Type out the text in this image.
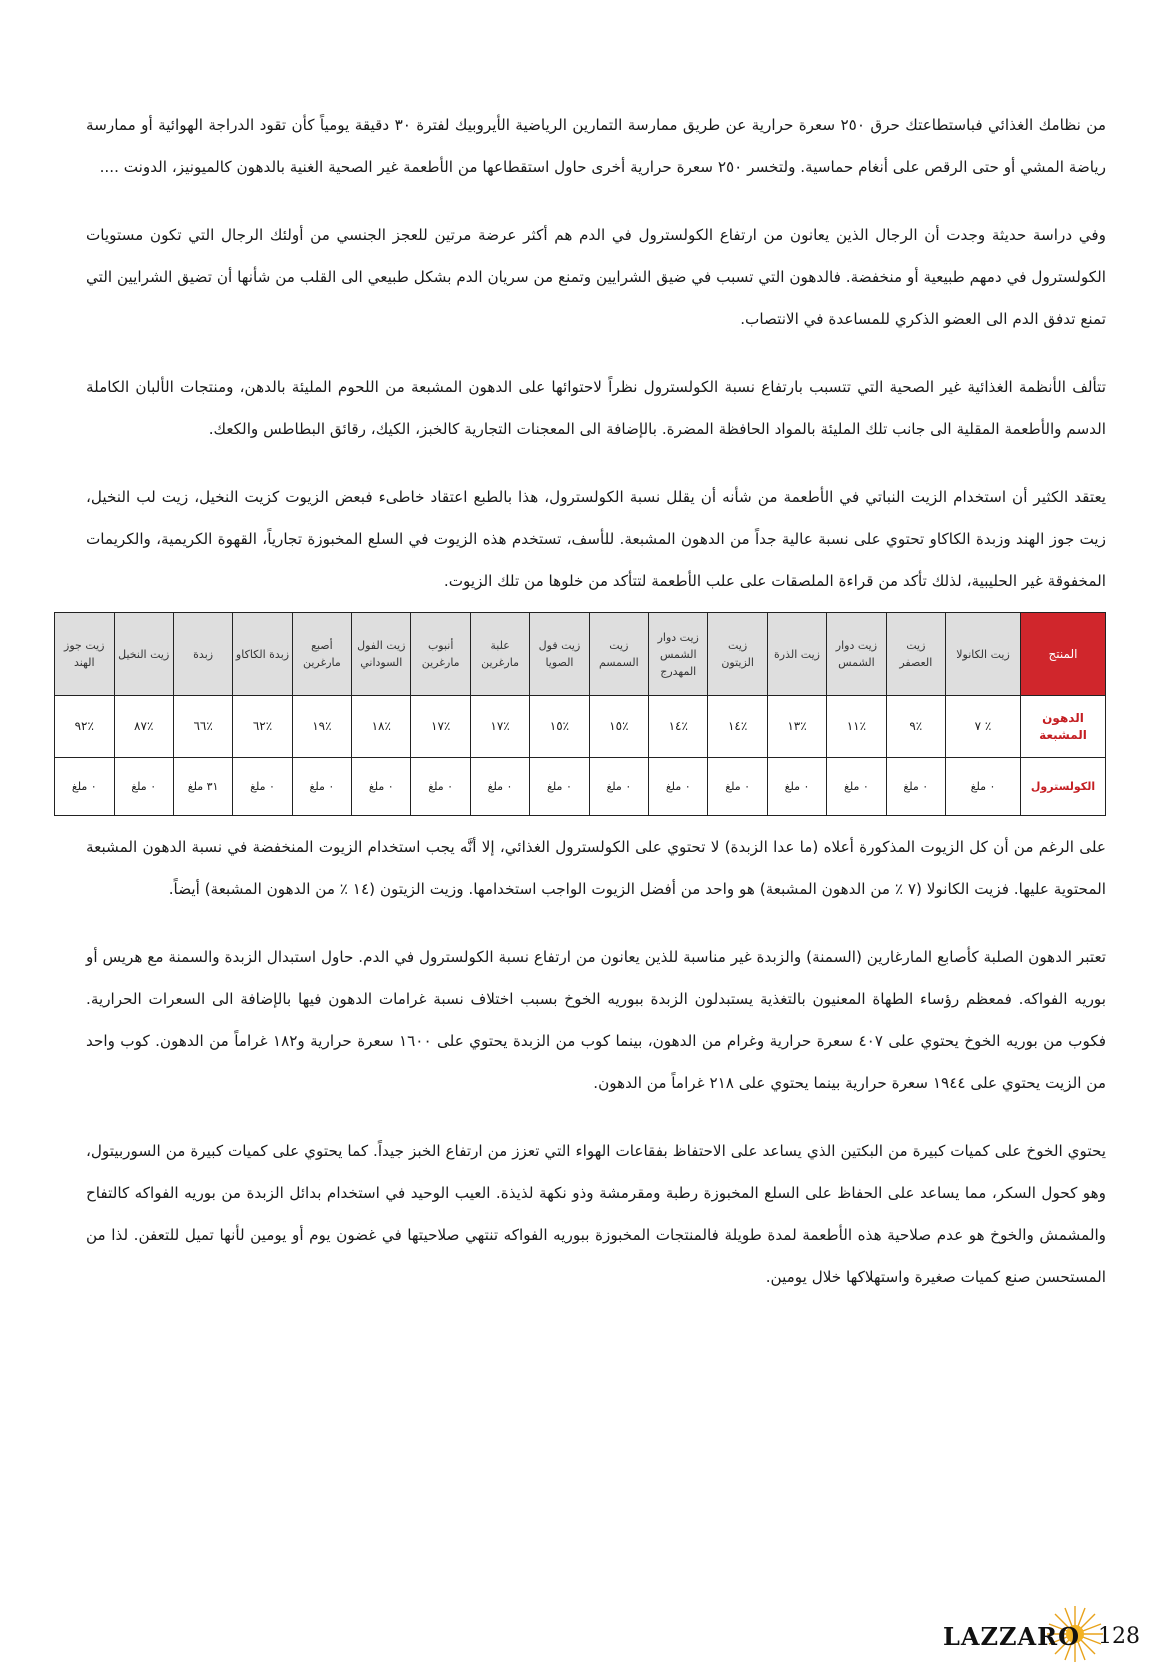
من نظامك الغذائي فباستطاعتك حرق ٢٥٠ سعرة حرارية عن طريق ممارسة التمارين الرياضية الأيروبيك لفترة ٣٠ دقيقة يومياً كأن تقود الدراجة الهوائية أو ممارسة رياضة المشي أو حتى الرقص على أنغام حماسية. ولتخسر ٢٥٠ سعرة حرارية أخرى حاول استقطاعها من الأطعمة غير الصحية الغنية بالدهون كالميونيز، الدونت ....

وفي دراسة حديثة وجدت أن الرجال الذين يعانون من ارتفاع الكولسترول في الدم هم أكثر عرضة مرتين للعجز الجنسي من أولئك الرجال التي تكون مستويات الكولسترول في دمهم طبيعية أو منخفضة. فالدهون التي تسبب في ضيق الشرايين وتمنع من سريان الدم بشكل طبيعي الى القلب من شأنها أن تضيق الشرايين التي تمنع تدفق الدم الى العضو الذكري للمساعدة في الانتصاب.

تتألف الأنظمة الغذائية غير الصحية التي تتسبب بارتفاع نسبة الكولسترول نظراً لاحتوائها على الدهون المشبعة من اللحوم المليئة بالدهن، ومنتجات الألبان الكاملة الدسم والأطعمة المقلية الى جانب تلك المليئة بالمواد الحافظة المضرة. بالإضافة الى المعجنات التجارية كالخبز، الكيك، رقائق البطاطس والكعك.

يعتقد الكثير أن استخدام الزيت النباتي في الأطعمة من شأنه أن يقلل نسبة الكولسترول، هذا بالطبع اعتقاد خاطىء فبعض الزيوت كزيت النخيل، زيت لب النخيل، زيت جوز الهند وزبدة الكاكاو تحتوي على نسبة عالية جداً من الدهون المشبعة. للأسف، تستخدم هذه الزيوت في السلع المخبوزة تجارياً، القهوة الكريمية، والكريمات المخفوقة غير الحليبية، لذلك تأكد من قراءة الملصقات على علب الأطعمة لتتأكد من خلوها من تلك الزيوت.

المنتج	زيت الكانولا	زيت العصفر	زيت دوار الشمس	زيت الذرة	زيت الزيتون	زيت دوار الشمس المهدرج	زيت السمسم	زيت فول الصويا	علبة مارغرين	أنبوب مارغرين	زيت الفول السوداني	أصبع مارغرين	زبدة الكاكاو	زبدة	زيت النخيل	زيت جوز الهند
الدهون المشبعة	٪ ٧	٪٩	٪١١	٪١٣	٪١٤	٪١٤	٪١٥	٪١٥	٪١٧	٪١٧	٪١٨	٪١٩	٪٦٢	٪٦٦	٪٨٧	٪٩٢
الكولسترول	٠ ملغ	٠ ملغ	٠ ملغ	٠ ملغ	٠ ملغ	٠ ملغ	٠ ملغ	٠ ملغ	٠ ملغ	٠ ملغ	٠ ملغ	٠ ملغ	٠ ملغ	٣١ ملغ	٠ ملغ	٠ ملغ

على الرغم من أن كل الزيوت المذكورة أعلاه (ما عدا الزبدة) لا تحتوي على الكولسترول الغذائي، إلا أنَّه يجب استخدام الزيوت المنخفضة في نسبة الدهون المشبعة المحتوية عليها. فزيت الكانولا (٧ ٪ من الدهون المشبعة) هو واحد من أفضل الزيوت الواجب استخدامها. وزيت الزيتون (١٤ ٪ من الدهون المشبعة) أيضاً.

تعتبر الدهون الصلبة كأصابع المارغارين (السمنة) والزبدة غير مناسبة للذين يعانون من ارتفاع نسبة الكولسترول في الدم. حاول استبدال الزبدة والسمنة مع هريس أو بوريه الفواكه. فمعظم رؤساء الطهاة المعنيون بالتغذية يستبدلون الزبدة ببوريه الخوخ بسبب اختلاف نسبة غرامات الدهون فيها بالإضافة الى السعرات الحرارية. فكوب من بوريه الخوخ يحتوي على ٤٠٧ سعرة حرارية وغرام من الدهون، بينما كوب من الزبدة يحتوي على ١٦٠٠ سعرة حرارية و١٨٢ غراماً من الدهون. كوب واحد من الزيت يحتوي على ١٩٤٤ سعرة حرارية بينما يحتوي على ٢١٨ غراماً من الدهون.

يحتوي الخوخ على كميات كبيرة من البكتين الذي يساعد على الاحتفاظ بفقاعات الهواء التي تعزز من ارتفاع الخبز جيداً. كما يحتوي على كميات كبيرة من السوربيتول، وهو كحول السكر، مما يساعد على الحفاظ على السلع المخبوزة رطبة ومقرمشة وذو نكهة لذيذة. العيب الوحيد في استخدام بدائل الزبدة من بوريه الفواكه كالتفاح والمشمش والخوخ هو عدم صلاحية هذه الأطعمة لمدة طويلة فالمنتجات المخبوزة ببوريه الفواكه تنتهي صلاحيتها في غضون يوم أو يومين لأنها تميل للتعفن. لذا من المستحسن صنع كميات صغيرة واستهلاكها خلال يومين.

LAZZARO 128
